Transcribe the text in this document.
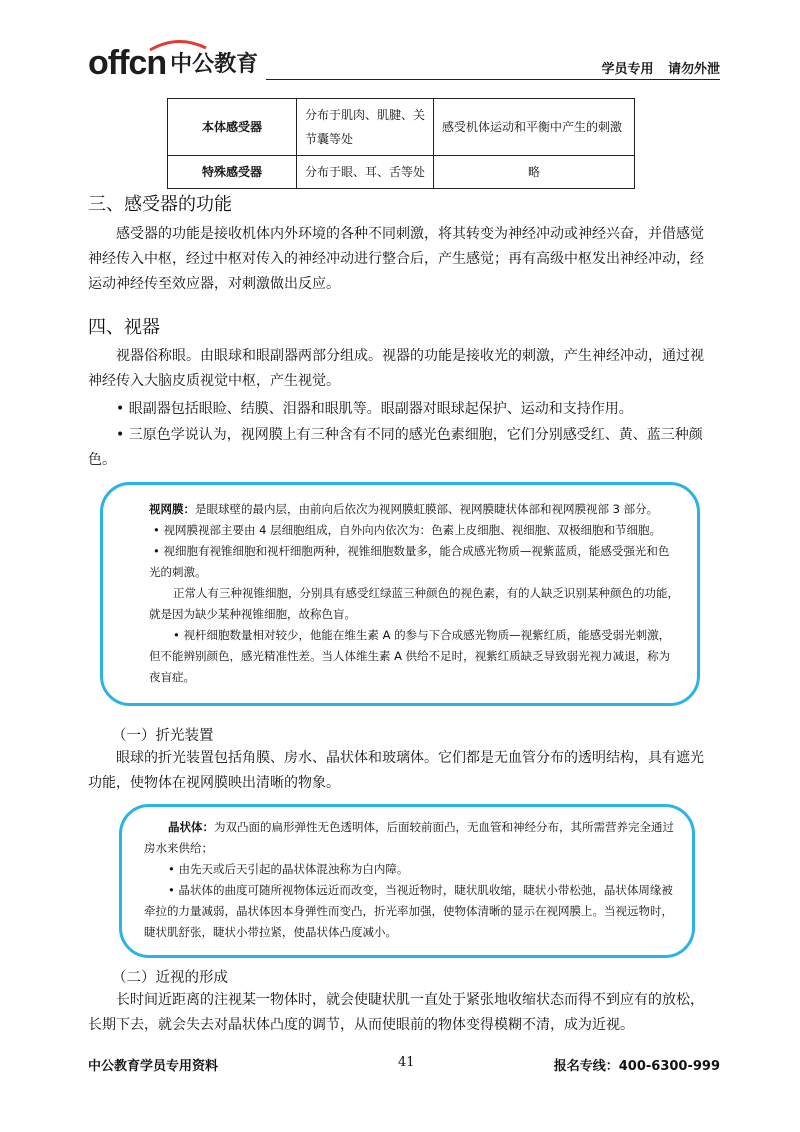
offcn 中公教育	学员专用 请勿外泄
本体感受器	分布于肌肉、肌腱、关节囊等处	感受机体运动和平衡中产生的刺激
特殊感受器	分布于眼、耳、舌等处	略
三、感受器的功能
感受器的功能是接收机体内外环境的各种不同刺激，将其转变为神经冲动或神经兴奋，并借感觉神经传入中枢，经过中枢对传入的神经冲动进行整合后，产生感觉；再有高级中枢发出神经冲动，经运动神经传至效应器，对刺激做出反应。
四、视器
视器俗称眼。由眼球和眼副器两部分组成。视器的功能是接收光的刺激，产生神经冲动，通过视神经传入大脑皮质视觉中枢，产生视觉。
• 眼副器包括眼睑、结膜、泪器和眼肌等。眼副器对眼球起保护、运动和支持作用。
• 三原色学说认为，视网膜上有三种含有不同的感光色素细胞，它们分别感受红、黄、蓝三种颜色。
视网膜：是眼球壁的最内层，由前向后依次为视网膜虹膜部、视网膜睫状体部和视网膜视部 3 部分。
• 视网膜视部主要由 4 层细胞组成，自外向内依次为：色素上皮细胞、视细胞、双极细胞和节细胞。
• 视细胞有视锥细胞和视杆细胞两种，视锥细胞数量多，能合成感光物质—视紫蓝质，能感受强光和色光的刺激。
正常人有三种视锥细胞，分别具有感受红绿蓝三种颜色的视色素，有的人缺乏识别某种颜色的功能，就是因为缺少某种视锥细胞，故称色盲。
• 视杆细胞数量相对较少，他能在维生素 A 的参与下合成感光物质—视紫红质，能感受弱光刺激，但不能辨别颜色，感光精准性差。当人体维生素 A 供给不足时，视紫红质缺乏导致弱光视力减退，称为夜盲症。
（一）折光装置
眼球的折光装置包括角膜、房水、晶状体和玻璃体。它们都是无血管分布的透明结构，具有遮光功能，使物体在视网膜映出清晰的物象。
晶状体：为双凸面的扁形弹性无色透明体，后面较前面凸，无血管和神经分布，其所需营养完全通过房水来供给；
• 由先天或后天引起的晶状体混浊称为白内障。
• 晶状体的曲度可随所视物体远近而改变，当视近物时，睫状肌收缩，睫状小带松弛，晶状体周缘被牵拉的力量减弱，晶状体因本身弹性而变凸，折光率加强，使物体清晰的显示在视网膜上。当视远物时，睫状肌舒张，睫状小带拉紧，使晶状体凸度减小。
（二）近视的形成
长时间近距离的注视某一物体时，就会使睫状肌一直处于紧张地收缩状态而得不到应有的放松，长期下去，就会失去对晶状体凸度的调节，从而使眼前的物体变得模糊不清，成为近视。
中公教育学员专用资料	41	报名专线：400-6300-999
